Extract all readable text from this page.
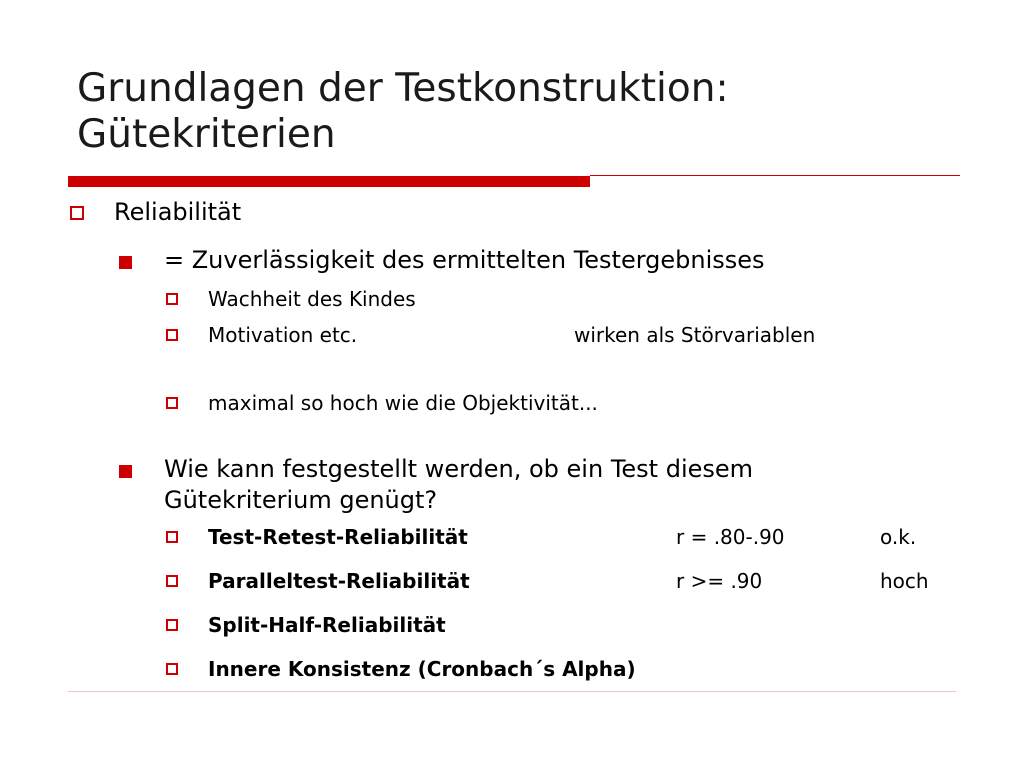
Grundlagen der Testkonstruktion:
Gütekriterien
Reliabilität
= Zuverlässigkeit des ermittelten Testergebnisses
Wachheit des Kindes
Motivation etc.	wirken als Störvariablen
maximal so hoch wie die Objektivität...
Wie kann festgestellt werden, ob ein Test diesem
Gütekriterium genügt?
Test-Retest-Reliabilität	r = .80-.90	o.k.
Paralleltest-Reliabilität	r >= .90	hoch
Split-Half-Reliabilität
Innere Konsistenz (Cronbach´s Alpha)
